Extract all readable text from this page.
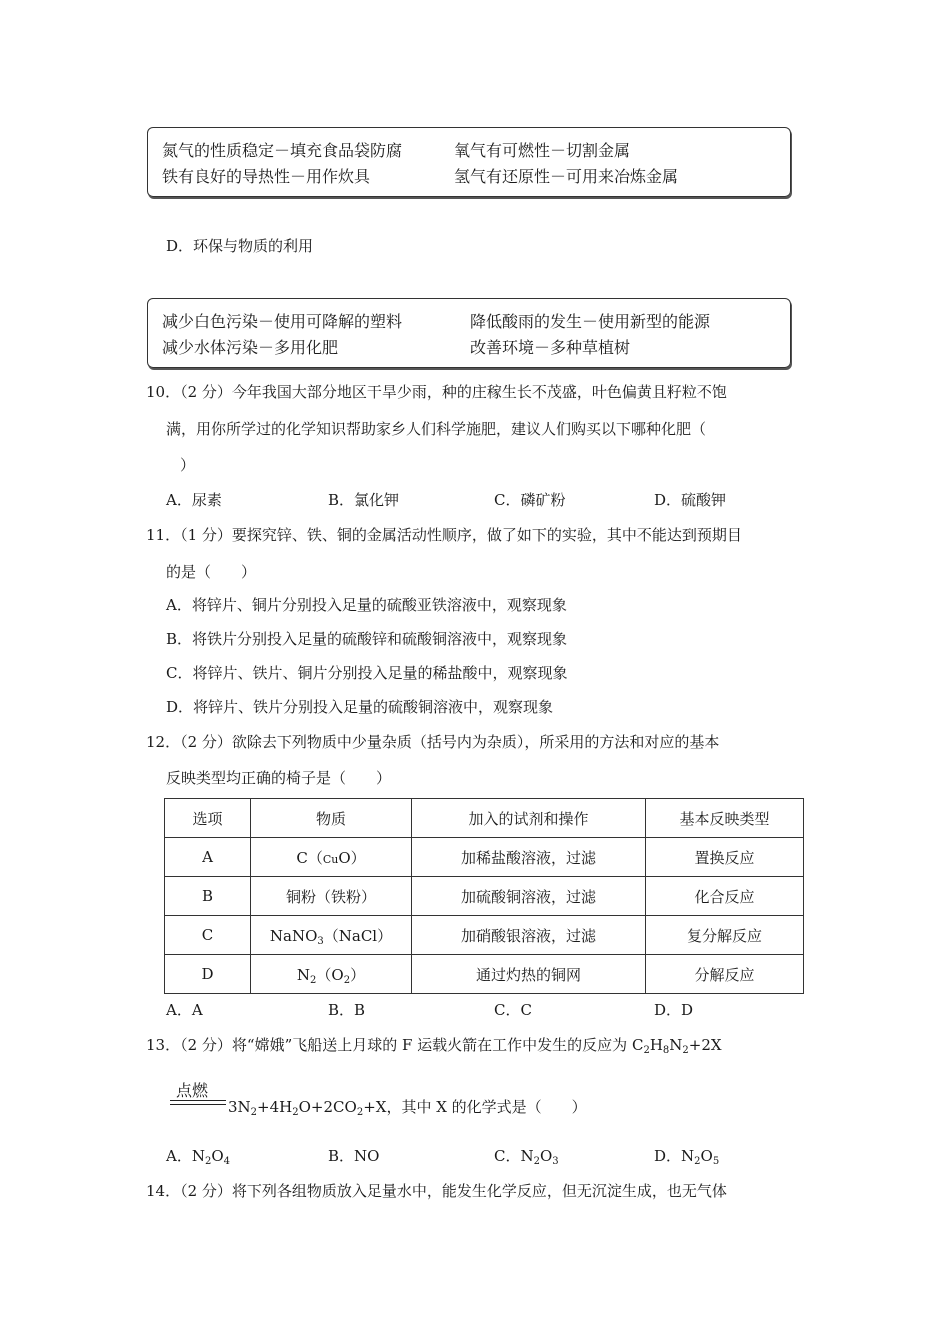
氮气的性质稳定－填充食品袋防腐	氧气有可燃性－切割金属
铁有良好的导热性－用作炊具	氢气有还原性－可用来冶炼金属
D．环保与物质的利用
减少白色污染－使用可降解的塑料	降低酸雨的发生－使用新型的能源
减少水体污染－多用化肥	改善环境－多种草植树
10．（2 分）今年我国大部分地区干旱少雨，种的庄稼生长不茂盛，叶色偏黄且籽粒不饱
满，用你所学过的化学知识帮助家乡人们科学施肥，建议人们购买以下哪种化肥（
）
A．尿素	B．氯化钾	C．磷矿粉	D．硫酸钾
11．（1 分）要探究锌、铁、铜的金属活动性顺序，做了如下的实验，其中不能达到预期目
的是（　　）
A．将锌片、铜片分别投入足量的硫酸亚铁溶液中，观察现象
B．将铁片分别投入足量的硫酸锌和硫酸铜溶液中，观察现象
C．将锌片、铁片、铜片分别投入足量的稀盐酸中，观察现象
D．将锌片、铁片分别投入足量的硫酸铜溶液中，观察现象
12．（2 分）欲除去下列物质中少量杂质（括号内为杂质），所采用的方法和对应的基本
反映类型均正确的椅子是（　　）
选项	物质	加入的试剂和操作	基本反映类型
A	C（CuO）	加稀盐酸溶液，过滤	置换反应
B	铜粉（铁粉）	加硫酸铜溶液，过滤	化合反应
C	NaNO$_3$（NaCl）	加硝酸银溶液，过滤	复分解反应
D	$N_2(O_2)$	通过灼热的铜网	分解反应
A．A	B．B	C．C	D．D
13．（2 分）将“嫦娥”飞船送上月球的 F 运载火箭在工作中发生的反应为 $C_2H_8N_2+2X$
点燃
$3N_2+4H_2O+2CO_2+X$，其中 X 的化学式是（　　）
A．$N_2O_4$	B．NO	C．$N_2O_3$	D．$N_2O_5$
14．（2 分）将下列各组物质放入足量水中，能发生化学反应，但无沉淀生成，也无气体
